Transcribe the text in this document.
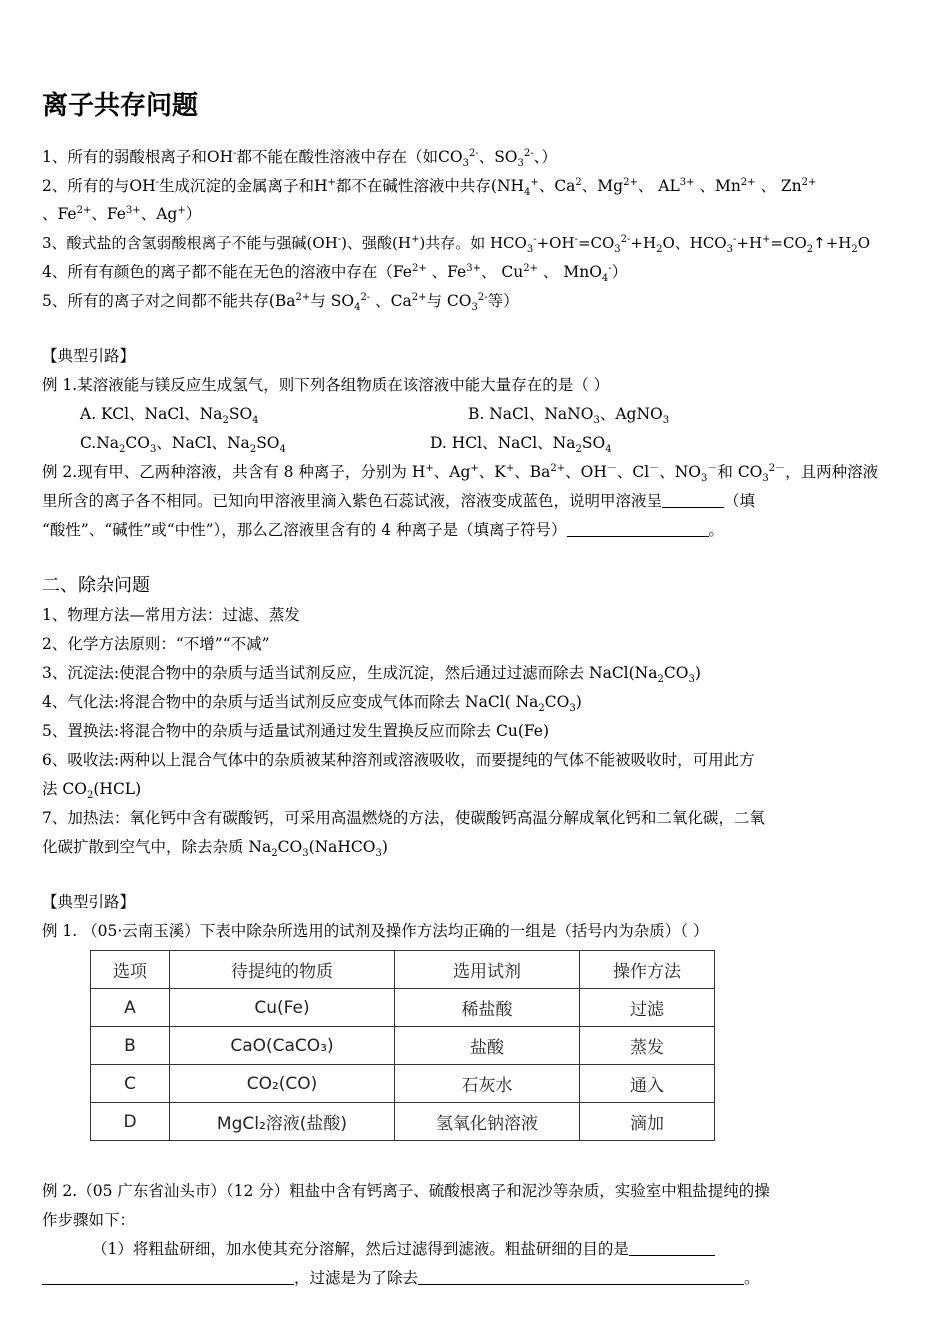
离子共存问题
1、所有的弱酸根离子和OH-都不能在酸性溶液中存在（如$CO_3^{2-}$、$SO_3^{2-}$、）
2、所有的与OH-生成沉淀的金属离子和H+都不在碱性溶液中共存($NH_4^+$、Ca$^2$、$Mg^{2+}$、 $AL^{3+}$ 、$Mn^{2+}$ 、 $Zn^{2+}$
、$Fe^{2+}$、$Fe^{3+}$、Ag+）
3、酸式盐的含氢弱酸根离子不能与强碱(OH-)、强酸(H+)共存。如 $HCO_3^-+OH^-=CO_3^{2-}+H_2O$、$HCO_3^-+H^+=CO_2↑+H_2O$
4、所有有颜色的离子都不能在无色的溶液中存在（$Fe^{2+}$ 、$Fe^{3+}$、 $Cu^{2+}$ 、 MnO$_4$-）
5、所有的离子对之间都不能共存($Ba^{2+}$与 $SO_4^{2-}$ 、$Ca^{2+}$与 $CO_3^{2-}$等）
【典型引路】
例 1.某溶液能与镁反应生成氢气，则下列各组物质在该溶液中能大量存在的是（ ）
A. KCl、NaCl、$Na_2SO_4$	B. NaCl、NaNO$_3$、AgNO$_3$
$C.Na_2CO_3$、NaCl、$Na_2SO_4$	D. HCl、NaCl、$Na_2SO_4$
例 2.现有甲、乙两种溶液，共含有 8 种离子，分别为 H+、Ag+、K+、$Ba^{2+}$、OH－、Cl－、$NO_3^-$和 $CO_3^{2-}$，且两种溶液
里所含的离子各不相同。已知向甲溶液里滴入紫色石蕊试液，溶液变成蓝色，说明甲溶液呈	（填
“酸性”、“碱性”或“中性”），那么乙溶液里含有的 4 种离子是（填离子符号）	。
二、除杂问题
1、物理方法—常用方法：过滤、蒸发
2、化学方法原则：“不增”“不减”
3、沉淀法:使混合物中的杂质与适当试剂反应，生成沉淀，然后通过过滤而除去 $NaCl(Na_2CO_3)$
4、气化法:将混合物中的杂质与适当试剂反应变成气体而除去 NaCl( $Na_2CO_3$)
5、置换法:将混合物中的杂质与适量试剂通过发生置换反应而除去 Cu(Fe)
6、吸收法:两种以上混合气体中的杂质被某种溶剂或溶液吸收，而要提纯的气体不能被吸收时，可用此方
法 $CO_2(HCL)$
7、加热法：氧化钙中含有碳酸钙，可采用高温燃烧的方法，使碳酸钙高温分解成氧化钙和二氧化碳，二氧
化碳扩散到空气中，除去杂质 $Na_2CO_3(NaHCO_3)$
【典型引路】
例 1. （05·云南玉溪）下表中除杂所选用的试剂及操作方法均正确的一组是（括号内为杂质）（ ）
选项	待提纯的物质	选用试剂	操作方法
A	Cu(Fe)	稀盐酸	过滤
B	CaO(CaCO₃)	盐酸	蒸发
C	CO₂(CO)	石灰水	通入
D	MgCl₂溶液(盐酸)	氢氧化钠溶液	滴加
例 2.（05 广东省汕头市）（12 分）粗盐中含有钙离子、硫酸根离子和泥沙等杂质，实验室中粗盐提纯的操
作步骤如下：
（1）将粗盐研细，加水使其充分溶解，然后过滤得到滤液。粗盐研细的目的是
，过滤是为了除去	。
